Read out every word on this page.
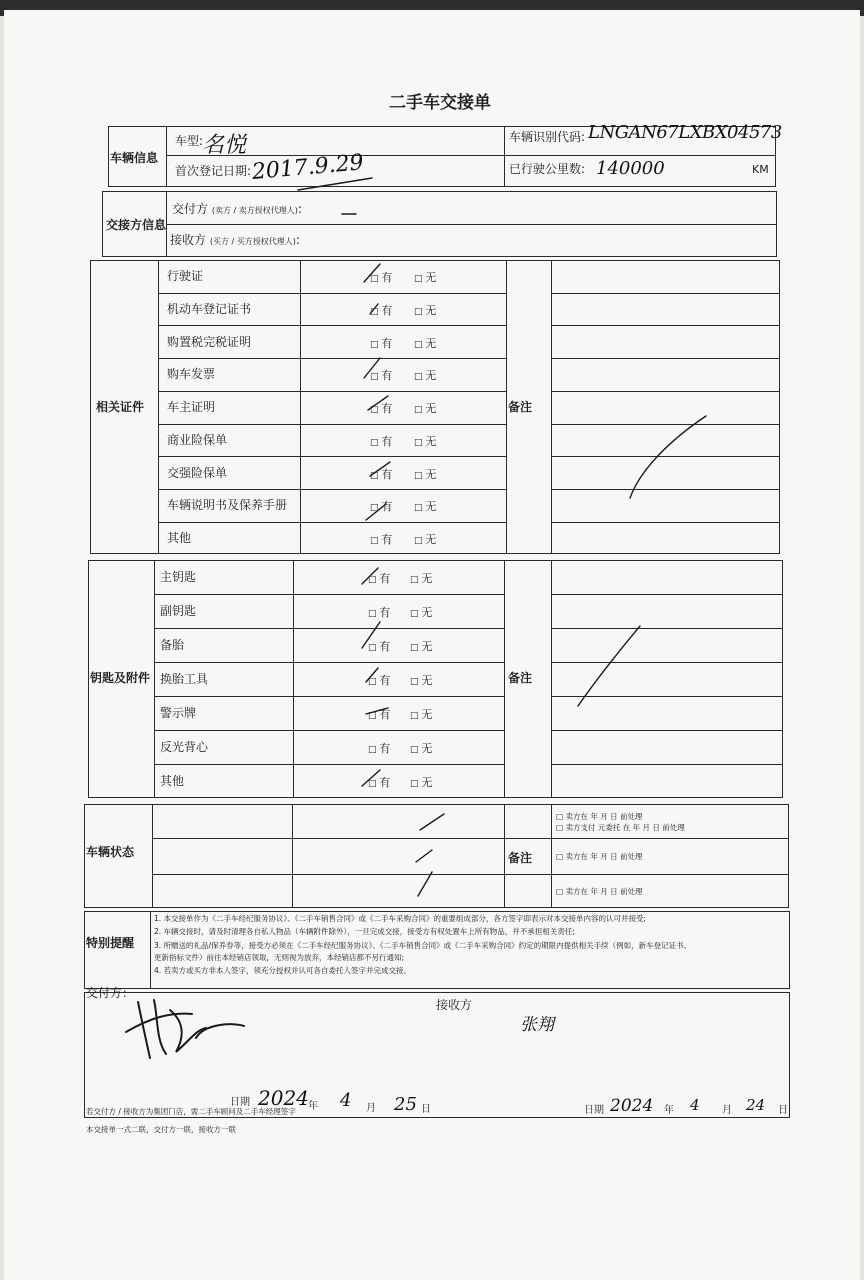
二手车交接单
车辆信息
车型:
名悦
首次登记日期: 2017.9.29
车辆识别代码: LNGAN67LXBX04573
已行驶公里数: 140000	KM
交接方信息
交付方 (卖方 / 卖方授权代理人):
接收方 (买方 / 买方授权代理人):
相关证件	备注
行驶证	□ 有 □ 无
机动车登记证书	□ 有 □ 无
购置税完税证明	□ 有 □ 无
购车发票	□ 有 □ 无
车主证明	□ 有 □ 无
商业险保单	□ 有 □ 无
交强险保单	□ 有 □ 无
车辆说明书及保养手册	□ 有 □ 无
其他	□ 有 □ 无
钥匙及附件	备注
主钥匙	□ 有 □ 无
副钥匙	□ 有 □ 无
备胎	□ 有 □ 无
换胎工具	□ 有 □ 无
警示牌	□ 有 □ 无
反光背心	□ 有 □ 无
其他	□ 有 □ 无
车辆状态	备注
□ 卖方在 年 月 日 前处理
□ 卖方支付 元委托 在 年 月 日 前处理
□ 卖方在 年 月 日 前处理
□ 卖方在 年 月 日 前处理
特别提醒
1. 本交接单作为《二手车经纪服务协议》、《二手车销售合同》或《二手车采购合同》的重要组成部分，各方签字即表示对本交接单内容的认可并接受;
2. 车辆交接时，请及时清理各自私人物品（车辆附件除外），一旦完成交接，接受方有权处置车上所有物品，并不承担相关责任;
3. 所赠送的礼品/保养券等，接受方必须在《二手车经纪服务协议》、《二手车销售合同》或《二手车采购合同》约定的期限内提供相关手续（例如，新车登记证书、
更新指标文件）前往本经销店领取，无则视为放弃，本经销店都不另行通知;
4. 若卖方或买方非本人签字，须充分授权并认可各自委托人签字并完成交接。
交付方：
接收方
张翔
日期 2024 年 4 月 25 日	日期 2024 年 4 月 24 日
若交付方 / 接收方为集团门店，需二手车顾问及二手车经理签字
本交接单一式二联，交付方一联，接收方一联
